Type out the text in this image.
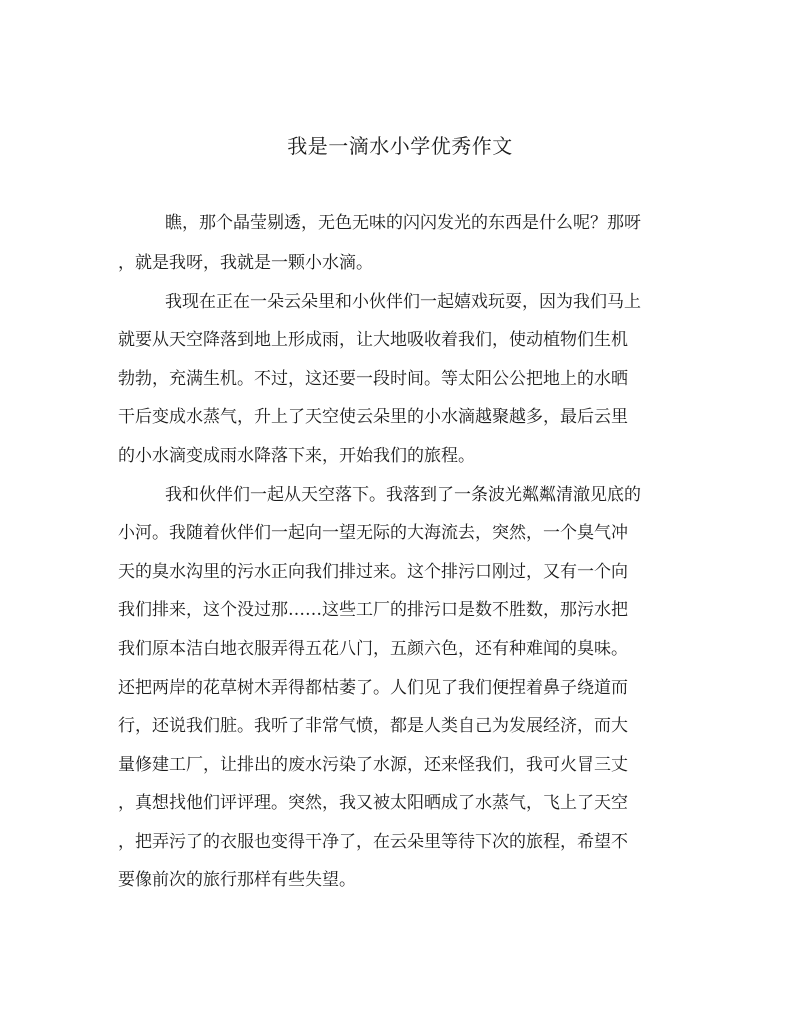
我是一滴水小学优秀作文
瞧，那个晶莹剔透，无色无味的闪闪发光的东西是什么呢？那呀
，就是我呀，我就是一颗小水滴。
我现在正在一朵云朵里和小伙伴们一起嬉戏玩耍，因为我们马上
就要从天空降落到地上形成雨，让大地吸收着我们，使动植物们生机
勃勃，充满生机。不过，这还要一段时间。等太阳公公把地上的水晒
干后变成水蒸气，升上了天空使云朵里的小水滴越聚越多，最后云里
的小水滴变成雨水降落下来，开始我们的旅程。
我和伙伴们一起从天空落下。我落到了一条波光粼粼清澈见底的
小河。我随着伙伴们一起向一望无际的大海流去，突然，一个臭气冲
天的臭水沟里的污水正向我们排过来。这个排污口刚过，又有一个向
我们排来，这个没过那……这些工厂的排污口是数不胜数，那污水把
我们原本洁白地衣服弄得五花八门，五颜六色，还有种难闻的臭味。
还把两岸的花草树木弄得都枯萎了。人们见了我们便捏着鼻子绕道而
行，还说我们脏。我听了非常气愤，都是人类自己为发展经济，而大
量修建工厂，让排出的废水污染了水源，还来怪我们，我可火冒三丈
，真想找他们评评理。突然，我又被太阳晒成了水蒸气，飞上了天空
，把弄污了的衣服也变得干净了，在云朵里等待下次的旅程，希望不
要像前次的旅行那样有些失望。
